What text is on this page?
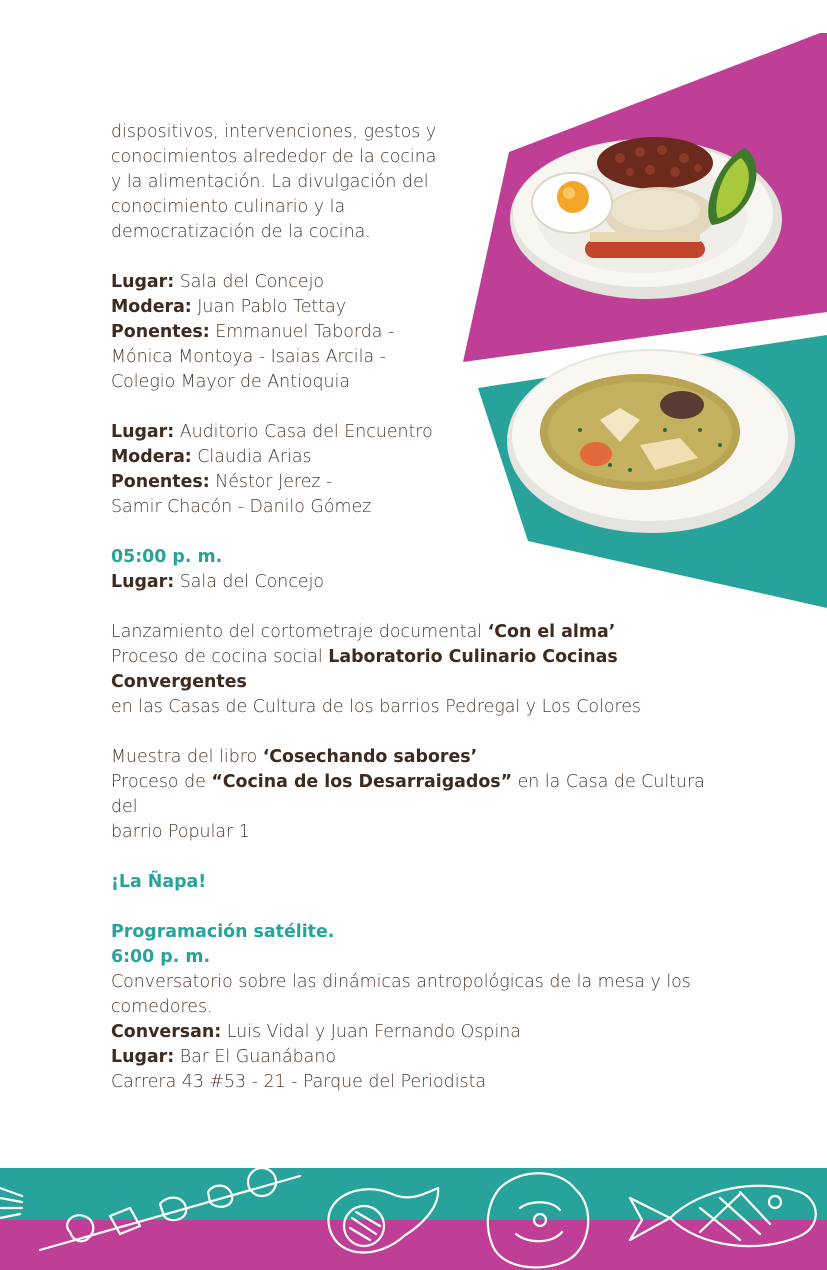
dispositivos, intervenciones, gestos y

conocimientos alrededor de la cocina

y la alimentación. La divulgación del

conocimiento culinario y la

democratización de la cocina.

Lugar: Sala del Concejo

Modera: Juan Pablo Tettay

Ponentes: Emmanuel Taborda -

Mónica Montoya - Isaias Arcila -

Colegio Mayor de Antioquia

Lugar: Auditorio Casa del Encuentro

Modera: Claudia Arias

Ponentes: Néstor Jerez -

Samir Chacón - Danilo Gómez

05:00 p. m.

Lugar: Sala del Concejo

Lanzamiento del cortometraje documental ‘Con el alma’

Proceso de cocina social Laboratorio Culinario Cocinas Convergentes

en las Casas de Cultura de los barrios Pedregal y Los Colores

Muestra del libro ‘Cosechando sabores’

Proceso de “Cocina de los Desarraigados” en la Casa de Cultura del

barrio Popular 1

¡La Ñapa!

Programación satélite.

6:00 p. m.

Conversatorio sobre las dinámicas antropológicas de la mesa y los

comedores.

Conversan: Luis Vidal y Juan Fernando Ospina

Lugar: Bar El Guanábano

Carrera 43 #53 - 21 - Parque del Periodista
